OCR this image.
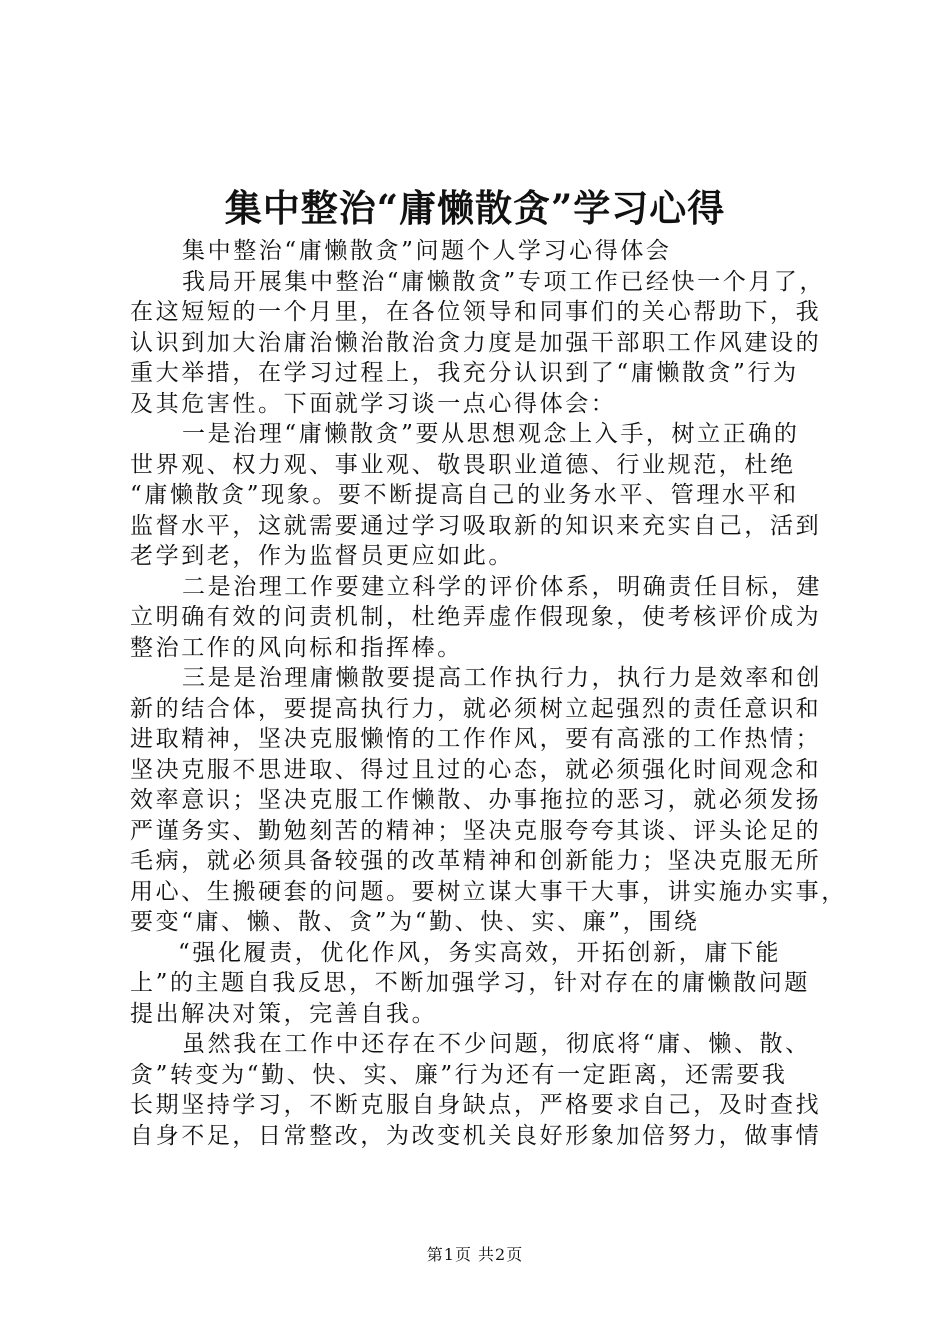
集中整治“庸懒散贪”学习心得
集中整治“庸懒散贪”问题个人学习心得体会
我局开展集中整治“庸懒散贪”专项工作已经快一个月了，
在这短短的一个月里，在各位领导和同事们的关心帮助下，我
认识到加大治庸治懒治散治贪力度是加强干部职工作风建设的
重大举措，在学习过程上，我充分认识到了“庸懒散贪”行为
及其危害性。下面就学习谈一点心得体会：
一是治理“庸懒散贪”要从思想观念上入手，树立正确的
世界观、权力观、事业观、敬畏职业道德、行业规范，杜绝
“庸懒散贪”现象。要不断提高自己的业务水平、管理水平和
监督水平，这就需要通过学习吸取新的知识来充实自己，活到
老学到老，作为监督员更应如此。
二是治理工作要建立科学的评价体系，明确责任目标，建
立明确有效的问责机制，杜绝弄虚作假现象，使考核评价成为
整治工作的风向标和指挥棒。
三是是治理庸懒散要提高工作执行力，执行力是效率和创
新的结合体，要提高执行力，就必须树立起强烈的责任意识和
进取精神，坚决克服懒惰的工作作风，要有高涨的工作热情；
坚决克服不思进取、得过且过的心态，就必须强化时间观念和
效率意识；坚决克服工作懒散、办事拖拉的恶习，就必须发扬
严谨务实、勤勉刻苦的精神；坚决克服夸夸其谈、评头论足的
毛病，就必须具备较强的改革精神和创新能力；坚决克服无所
用心、生搬硬套的问题。要树立谋大事干大事，讲实施办实事，
要变“庸、懒、散、贪”为“勤、快、实、廉”，围绕
“强化履责，优化作风，务实高效，开拓创新，庸下能
上”的主题自我反思，不断加强学习，针对存在的庸懒散问题
提出解决对策，完善自我。
虽然我在工作中还存在不少问题，彻底将“庸、懒、散、
贪”转变为“勤、快、实、廉”行为还有一定距离，还需要我
长期坚持学习，不断克服自身缺点，严格要求自己，及时查找
自身不足，日常整改，为改变机关良好形象加倍努力，做事情
第1页 共2页
